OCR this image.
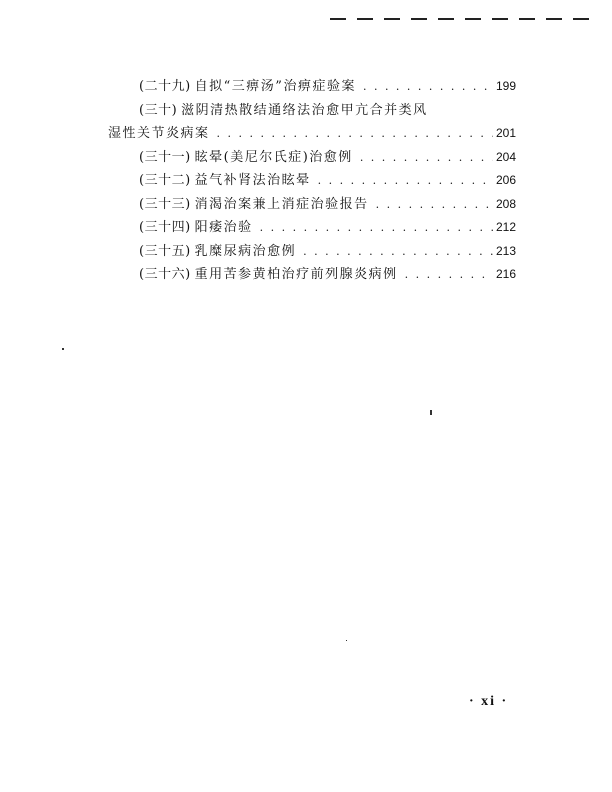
(二十九) 自拟“三痹汤”治痹症验案 . . .	199
(三十) 滋阴清热散结通络法治愈甲亢合并类风
湿性关节炎病案 . . .	201
(三十一) 眩晕(美尼尔氏症)治愈例 . . .	204
(三十二) 益气补肾法治眩晕 . . .	206
(三十三) 消渴治案兼上消症治验报告 . . .	208
(三十四) 阳痿治验 . . .	212
(三十五) 乳糜尿病治愈例 . . .	213
(三十六) 重用苦参黄柏治疗前列腺炎病例 . . .	216
· xi ·
